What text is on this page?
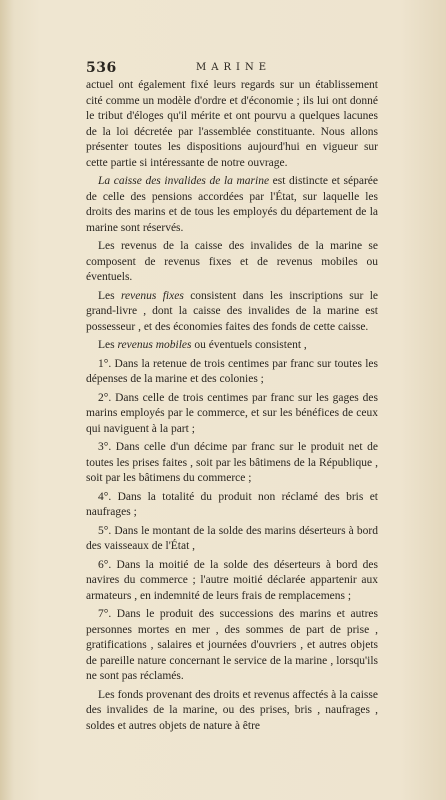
536	MARINE

actuel ont également fixé leurs regards sur un établissement cité comme un modèle d'ordre et d'économie ; ils lui ont donné le tribut d'éloges qu'il mérite et ont pourvu a quelques lacunes de la loi décretée par l'assemblée constituante. Nous allons présenter toutes les dispositions aujourd'hui en vigueur sur cette partie si intéressante de notre ouvrage.

La caisse des invalides de la marine est distincte et séparée de celle des pensions accordées par l'État, sur laquelle les droits des marins et de tous les employés du département de la marine sont réservés.

Les revenus de la caisse des invalides de la marine se composent de revenus fixes et de revenus mobiles ou éventuels.

Les revenus fixes consistent dans les inscriptions sur le grand-livre , dont la caisse des invalides de la marine est possesseur , et des économies faites des fonds de cette caisse.

Les revenus mobiles ou éventuels consistent ,

1°. Dans la retenue de trois centimes par franc sur toutes les dépenses de la marine et des colonies ;

2°. Dans celle de trois centimes par franc sur les gages des marins employés par le commerce, et sur les bénéfices de ceux qui naviguent à la part ;

3°. Dans celle d'un décime par franc sur le produit net de toutes les prises faites , soit par les bâtimens de la République , soit par les bâtimens du commerce ;

4°. Dans la totalité du produit non réclamé des bris et naufrages ;

5°. Dans le montant de la solde des marins déserteurs à bord des vaisseaux de l'État ,

6°. Dans la moitié de la solde des déserteurs à bord des navires du commerce ; l'autre moitié déclarée appartenir aux armateurs , en indemnité de leurs frais de remplacemens ;

7°. Dans le produit des successions des marins et autres personnes mortes en mer , des sommes de part de prise , gratifications , salaires et journées d'ouvriers , et autres objets de pareille nature concernant le service de la marine , lorsqu'ils ne sont pas réclamés.

Les fonds provenant des droits et revenus affectés à la caisse des invalides de la marine, ou des prises, bris , naufrages , soldes et autres objets de nature à être
